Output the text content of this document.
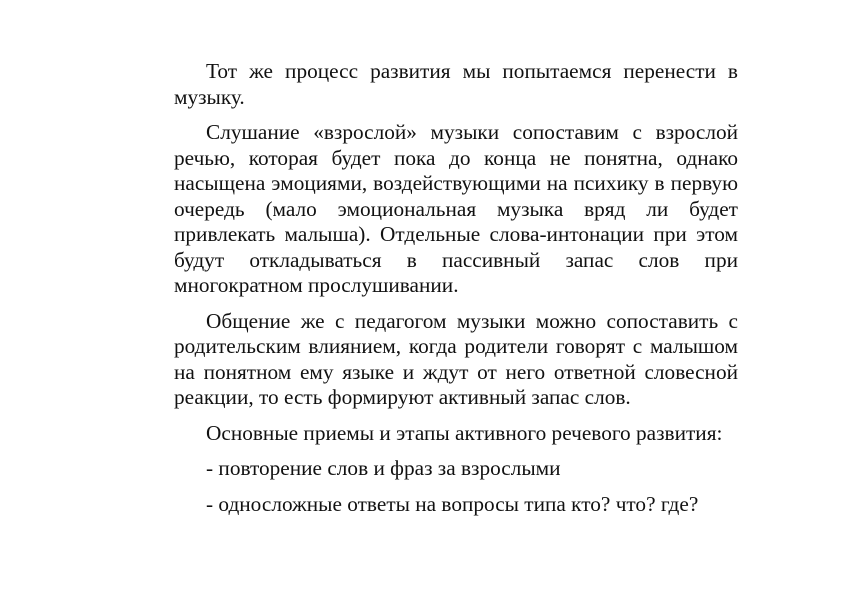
Тот же процесс развития мы попытаемся перенести в музыку.

Слушание «взрослой» музыки сопоставим с взрослой речью, которая будет пока до конца не понятна, однако насыщена эмоциями, воздействующими на психику в первую очередь (мало эмоциональная музыка вряд ли будет привлекать малыша). Отдельные слова-интонации при этом будут откладываться в пассивный запас слов при многократном прослушивании.

Общение же с педагогом музыки можно сопоставить с родительским влиянием, когда родители говорят с малышом на понятном ему языке и ждут от него ответной словесной реакции, то есть формируют активный запас слов.

Основные приемы и этапы активного речевого развития:

- повторение слов и фраз за взрослыми

- односложные ответы на вопросы типа кто? что? где?
